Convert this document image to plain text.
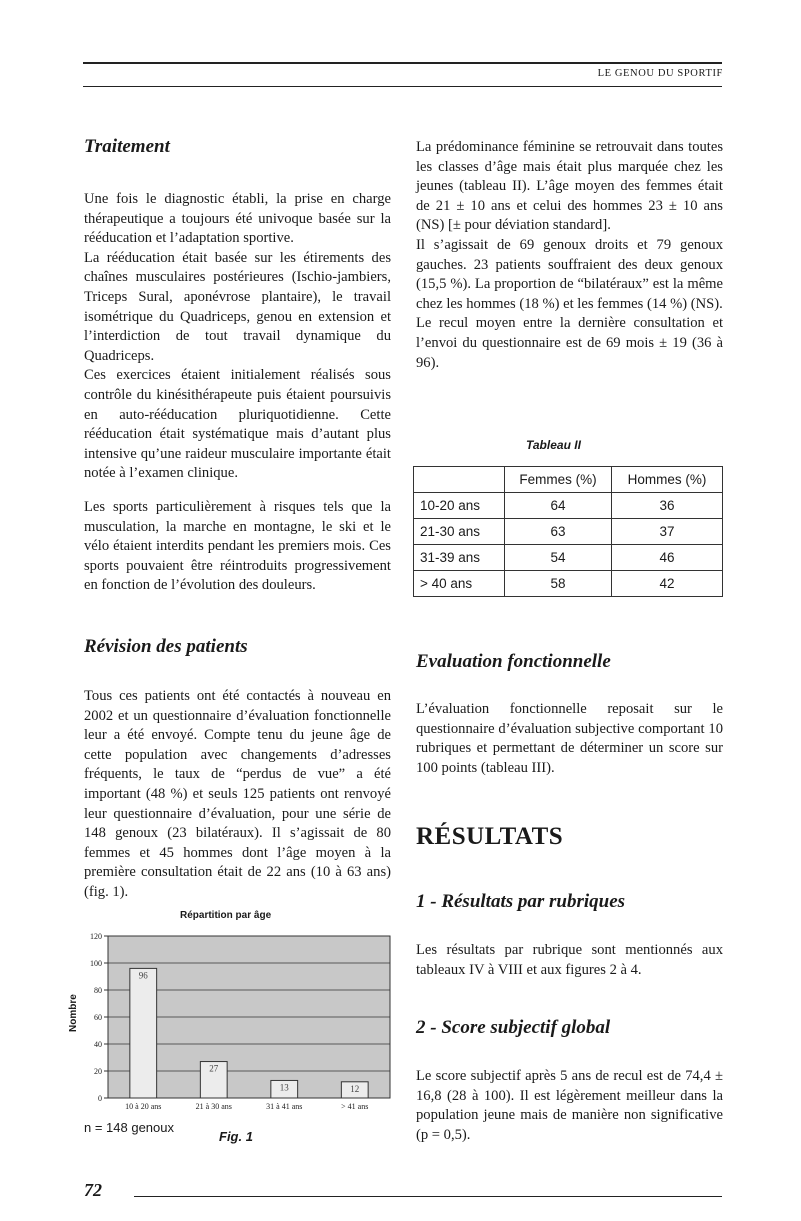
LE GENOU DU SPORTIF
Traitement

Une fois le diagnostic établi, la prise en charge thérapeutique a toujours été univoque basée sur la rééducation et l’adaptation sportive.

La rééducation était basée sur les étirements des chaînes musculaires postérieures (Ischio-jambiers, Triceps Sural, aponévrose plantaire), le travail isométrique du Quadriceps, genou en extension et l’interdiction de tout travail dynamique du Quadriceps.

Ces exercices étaient initialement réalisés sous contrôle du kinésithérapeute puis étaient poursuivis en auto-rééducation pluriquotidienne. Cette rééducation était systématique mais d’autant plus intensive qu’une raideur musculaire importante était notée à l’examen clinique.

Les sports particulièrement à risques tels que la musculation, la marche en montagne, le ski et le vélo étaient interdits pendant les premiers mois. Ces sports pouvaient être réintroduits progressivement en fonction de l’évolution des douleurs.

Révision des patients

Tous ces patients ont été contactés à nouveau en 2002 et un questionnaire d’évaluation fonctionnelle leur a été envoyé. Compte tenu du jeune âge de cette population avec changements d’adresses fréquents, le taux de “perdus de vue” a été important (48 %) et seuls 125 patients ont renvoyé leur questionnaire d’évaluation, pour une série de 148 genoux (23 bilatéraux). Il s’agissait de 80 femmes et 45 hommes dont l’âge moyen à la première consultation était de 22 ans (10 à 63 ans) (fig. 1).

Répartition par âge
Nombre
0
20
40
60
80
100
120
96
10 à 20 ans
27
21 à 30 ans
13
31 à 41 ans
12
> 41 ans
n = 148 genoux
Fig. 1

La prédominance féminine se retrouvait dans toutes les classes d’âge mais était plus marquée chez les jeunes (tableau II). L’âge moyen des femmes était de 21 ± 10 ans et celui des hommes 23 ± 10 ans (NS) [± pour déviation standard].

Il s’agissait de 69 genoux droits et 79 genoux gauches. 23 patients souffraient des deux genoux (15,5 %). La proportion de “bilatéraux” est la même chez les hommes (18 %) et les femmes (14 %) (NS).

Le recul moyen entre la dernière consultation et l’envoi du questionnaire est de 69 mois ± 19 (36 à 96).

Tableau II
	Femmes (%)	Hommes (%)
10-20 ans	64	36
21-30 ans	63	37
31-39 ans	54	46
> 40 ans	58	42
Evaluation fonctionnelle

L’évaluation fonctionnelle reposait sur le questionnaire d’évaluation subjective comportant 10 rubriques et permettant de déterminer un score sur 100 points (tableau III).

RÉSULTATS
1 - Résultats par rubriques

Les résultats par rubrique sont mentionnés aux tableaux IV à VIII et aux figures 2 à 4.

2 - Score subjectif global

Le score subjectif après 5 ans de recul est de 74,4 ± 16,8 (28 à 100). Il est légèrement meilleur dans la population jeune mais de manière non significative (p = 0,5).

72
